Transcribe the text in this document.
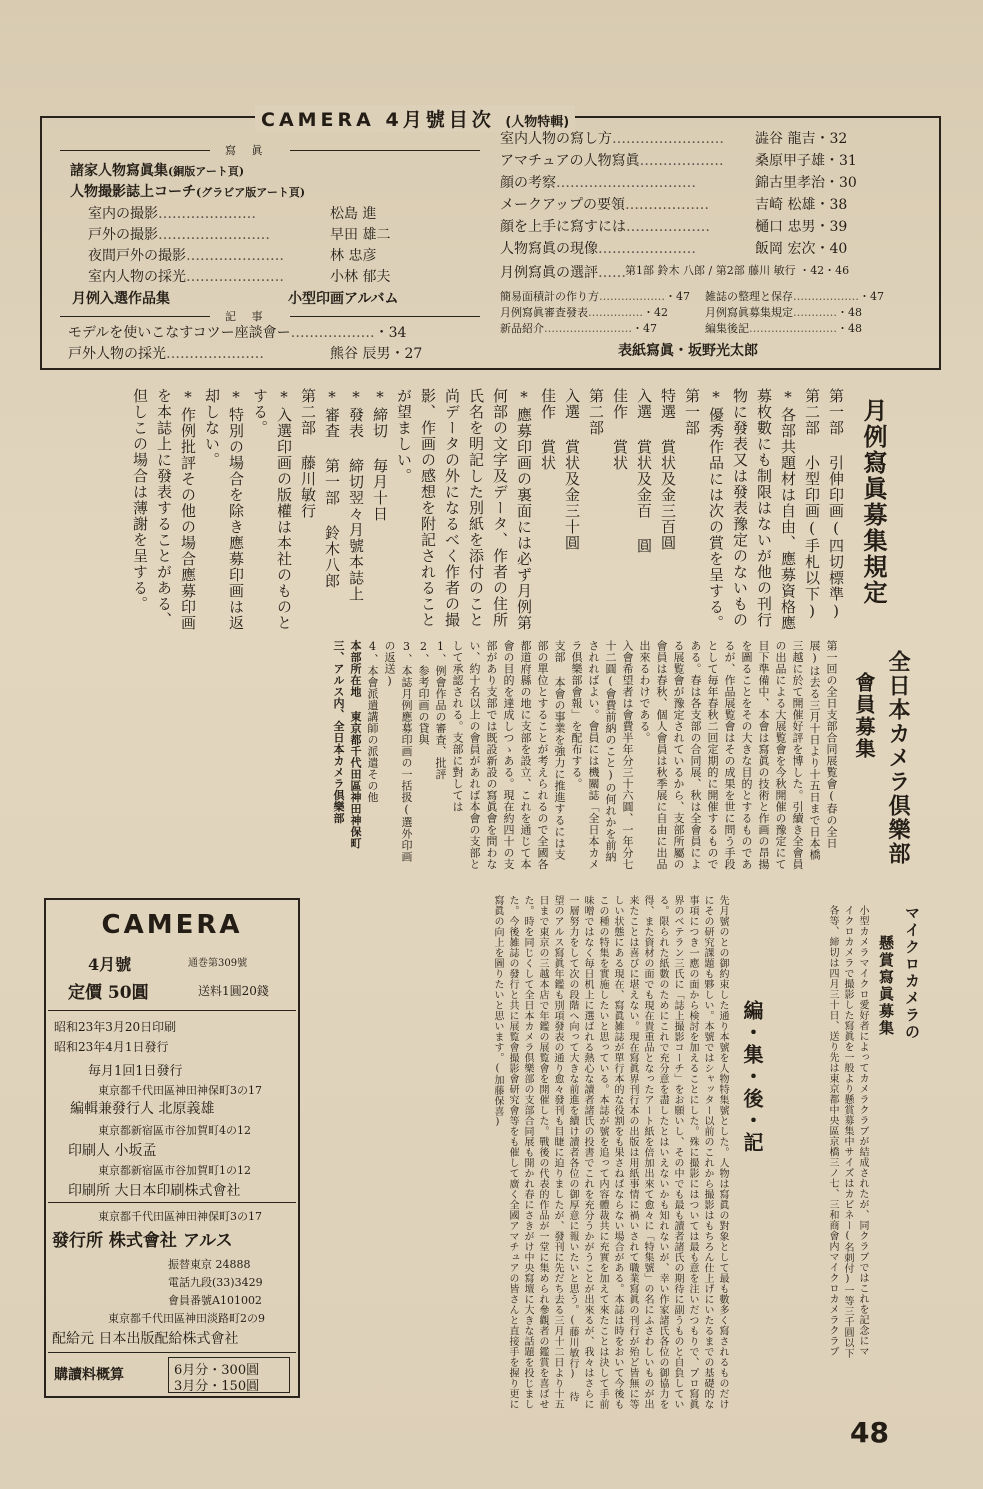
CAMERA 4月號目次 (人物特輯)
寫 眞
諸家人物寫眞集(銅版アート頁)
人物撮影誌上コーチ(グラビア版アート頁)
室内の撮影…………………	松島 進
戸外の撮影……………………	早田 雄二
夜間戸外の撮影…………………	林 忠彦
室内人物の採光…………………	小林 郁夫
月例入選作品集	小型印画アルバム
記 事
モデルを使いこなすコツー座談會ー………………・34
戸外人物の採光…………………	熊谷 辰男・27
室内人物の寫し方…………………… 澁谷 龍吉・32
アマチュアの人物寫眞……………… 桑原甲子雄・31
顔の考察…………………………	錦古里孝治・30
メークアップの要領………………	吉崎 松雄・38
顔を上手に寫すには………………	樋口 忠男・39
人物寫眞の現像…………………	飯岡 宏次・40
月例寫眞の選評…… 第1部 鈴木 八郎 / 第2部 藤川 敏行 ・42・46
簡易面積計の作り方………………・47
月例寫眞審査發表……………・42
新品紹介……………………・47
雑誌の整理と保存………………・47
月例寫眞募集規定…………・48
編集後記……………………・48
表紙寫眞・坂野光太郎
月例寫眞募集規定
第一部 引伸印画(四切標準)
第二部 小型印画(手札以下)
*各部共題材は自由、應募資格應
募枚數にも制限はないが他の刊行
物に發表又は發表豫定のないもの
*優秀作品には次の賞を呈する。
第一部
特選 賞状及金三百圓
入選 賞状及金百 圓
佳作 賞状
第二部
入選 賞状及金三十圓
佳作 賞状
*應募印画の裏面には必ず月例第
何部の文字及データ、作者の住所
氏名を明記した別紙を添付のこと
尚データの外になるべく作者の撮
影、作画の感想を附記されること
が望ましい。
*締切 毎月十日
*發表 締切翌々月號本誌上
*審査 第一部 鈴木八郎
第二部 藤川敏行
*入選印画の版權は本社のものと
する。
*特別の場合を除き應募印画は返
却しない。
*作例批評その他の場合應募印画
を本誌上に發表することがある、
但しこの場合は薄謝を呈する。
全日本カメラ倶樂部
會員募集
第一回の全日支部合同展覧會(春の全日展)は去る三月十日より十五日まで日本橋三越に於て開催好評を博した。引續き全會員の出品による大展覧會を今秋開催の豫定にて目下準備中、本會は寫眞の技術と作画の昂揚を圖ることをその大きな目的とするものであるが、作品展覧會はその成果を世に問う手段として毎年春秋二回定期的に開催するものである。春は各支部の合同展、秋は全會員による展覧會が豫定されているから、支部所屬の會員は春秋、個人會員は秋季展に自由に出品出來るわけである。
入會希望者は會費半年分三十六圓、一年分七十二圓(會費前納のこと)の何れかを前納されればよい。會員には機關誌「全日本カメラ倶樂部會報」を配布する。
支部 本會の事業を強力に推進するには支部の單位とすることが考えられるので全國各都道府縣の地に支部を設立、これを通じて本會の目的を達成しつゝある。現在約四十の支部があり支部では既設新設の寫眞會を問わない、約十名以上の會員があれば本會の支部として承認される。支部に對しては
1、例會作品の審査、批評
2、参考印画の貸與
3、本誌月例應募印画の一括扱(選外印画の返送)
4、本會派遣講師の派遣その他
本部所在地 東京都千代田區神田神保町三、アルス内、全日本カメラ倶樂部
マイクロカメラの
懸賞寫眞募集
小型カメラマイクロ愛好者によってカメラクラブが結成されたが、同クラブではこれを記念にマイクロカメラで撮影した寫眞を一般より懸賞募集中サイズはカビネー(名刺付)一等三千圓以下各等、締切は四月三十日、送り先は東京都中央區京橋三ノ七、三和商會内マイクロカメラクラブ
編・集・後・記
先月號のとの御約束した通り本號を人物特集號とした。人物は寫眞の對象として最も數多く寫されるものだけにその研究課題も夥しい。本號ではシャッター以前のこれから撮影はもちろん仕上げにいたるまでの基礎的な事項につき一應の面から検討を加えることにした。殊に撮影にはついては最も意を注いだつもりで、プロ寫眞界のベテラン三氏に「誌上撮影コーチ」をお願いし、その中でも最も讀者諸氏の期待に副うものと自負している。限られた紙數のためにこれで充分意を盡したとはいえないかも知れないが、幸い作家諸氏各位の御協力を得、また資材の面でも現在貴重品となったアート紙を倍加出來て愈々に「特集號」の名にふさわしいものが出来たことは喜びに堪えない。現在寫眞界刊行本の出版は用紙事情に禍いされて職業寫眞の刊行が殆ど皆無に等しい状態にある現在、寫眞雑誌が單行本的な役割をも果さねばならない場合がある。本誌は時をおいて今後もこの種の特集を實施したいと思っている。本誌が號を追って内容體裁共に充實を加えて來たことは決して手前味噌ではなく毎日机上に選ばれる熱心な讀者諸氏の投書でこれを充分うかがうことが出來るが、我々はさらに一層努力をして次の段階へ向って大きな前進を續け讀者各位の御厚意に報いたいと思う。(藤川敏行) 待望のアルス寫眞年鑑も別項發表の通り愈々發刊も目睫に迫りましたが、發刊に先だち去る三月十二日より十五日まで東京の三越本店で年鑑の展覧會を開催した。戰後の代表的作品が一堂に集められ參觀者の鑑賞を喜ばせた。時を同じくして全日本カメラ倶樂部の支部合同展も開かれ春にさきがけ中央寫壇に大きな話題を投じました。今後雑誌の發行と共に展覧會撮影會研究會等をも催して廣く全國アマチュアの皆さんと直接手を握り更に寫眞の向上を圖りたいと思います。(加藤保喜)
CAMERA
4月號	通巻第309號
定價 50圓	送料1圓20錢
昭和23年3月20日印刷
昭和23年4月1日發行
毎月1回1日發行
東京都千代田區神田神保町3の17
編輯兼發行人 北原義雄
東京都新宿區市谷加賀町4の12
印刷人 小坂孟
東京都新宿區市谷加賀町1の12
印刷所 大日本印刷株式會社
東京都千代田區神田神保町3の17
發行所 株式會社 アルス
振替東京 24888
電話九段(33)3429
會員番號A101002
東京都千代田區神田淡路町2の9
配給元 日本出版配給株式會社
購讀料概算	6月分・300圓
3月分・150圓
48
